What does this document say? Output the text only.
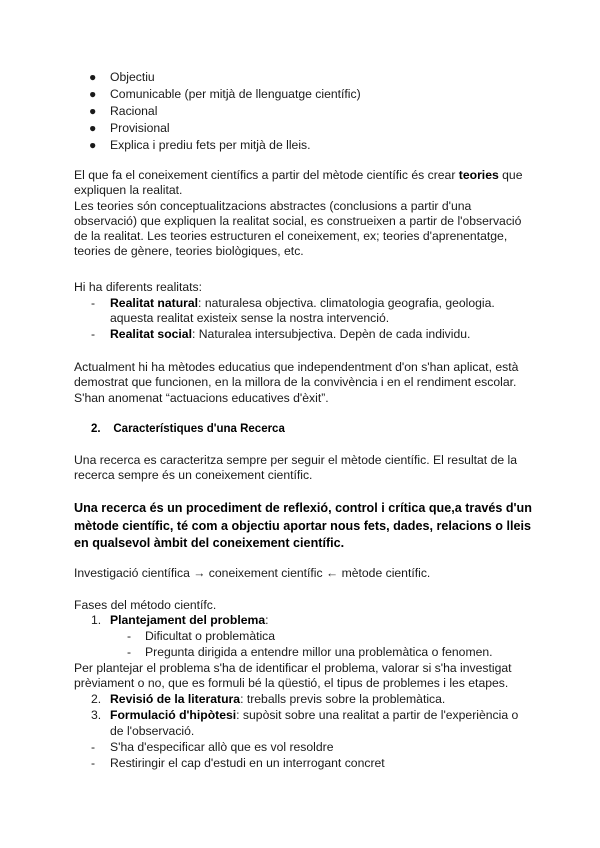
● Objectiu
● Comunicable (per mitjà de llenguatge científic)
● Racional
● Provisional
● Explica i prediu fets per mitjà de lleis.
El que fa el coneixement científics a partir del mètode científic és crear teories que
expliquen la realitat.
Les teories són conceptualitzacions abstractes (conclusions a partir d'una
observació) que expliquen la realitat social, es construeixen a partir de l'observació
de la realitat. Les teories estructuren el coneixement, ex; teories d'aprenentatge,
teories de gènere, teories biològiques, etc.
Hi ha diferents realitats:
- Realitat natural: naturalesa objectiva. climatologia geografia, geologia.
aquesta realitat existeix sense la nostra intervenció.
- Realitat social: Naturalea intersubjectiva. Depèn de cada individu.
Actualment hi ha mètodes educatius que independentment d'on s'han aplicat, està
demostrat que funcionen, en la millora de la convivència i en el rendiment escolar.
S'han anomenat “actuacions educatives d'èxit”.
2. Característiques d'una Recerca
Una recerca es caracteritza sempre per seguir el mètode científic. El resultat de la
recerca sempre és un coneixement científic.
Una recerca és un procediment de reflexió, control i crítica que,a través d'un
mètode científic, té com a objectiu aportar nous fets, dades, relacions o lleis
en qualsevol àmbit del coneixement científic.
Investigació científica → coneixement científic ← mètode científic.
Fases del método científc.
1. Plantejament del problema:
- Dificultat o problemàtica
- Pregunta dirigida a entendre millor una problemàtica o fenomen.
Per plantejar el problema s'ha de identificar el problema, valorar si s'ha investigat
prèviament o no, que es formuli bé la qüestió, el tipus de problemes i les etapes.
2. Revisió de la literatura: treballs previs sobre la problemàtica.
3. Formulació d'hipòtesi: supòsit sobre una realitat a partir de l'experiència o
de l'observació.
- S'ha d'especificar allò que es vol resoldre
- Restiringir el cap d'estudi en un interrogant concret
